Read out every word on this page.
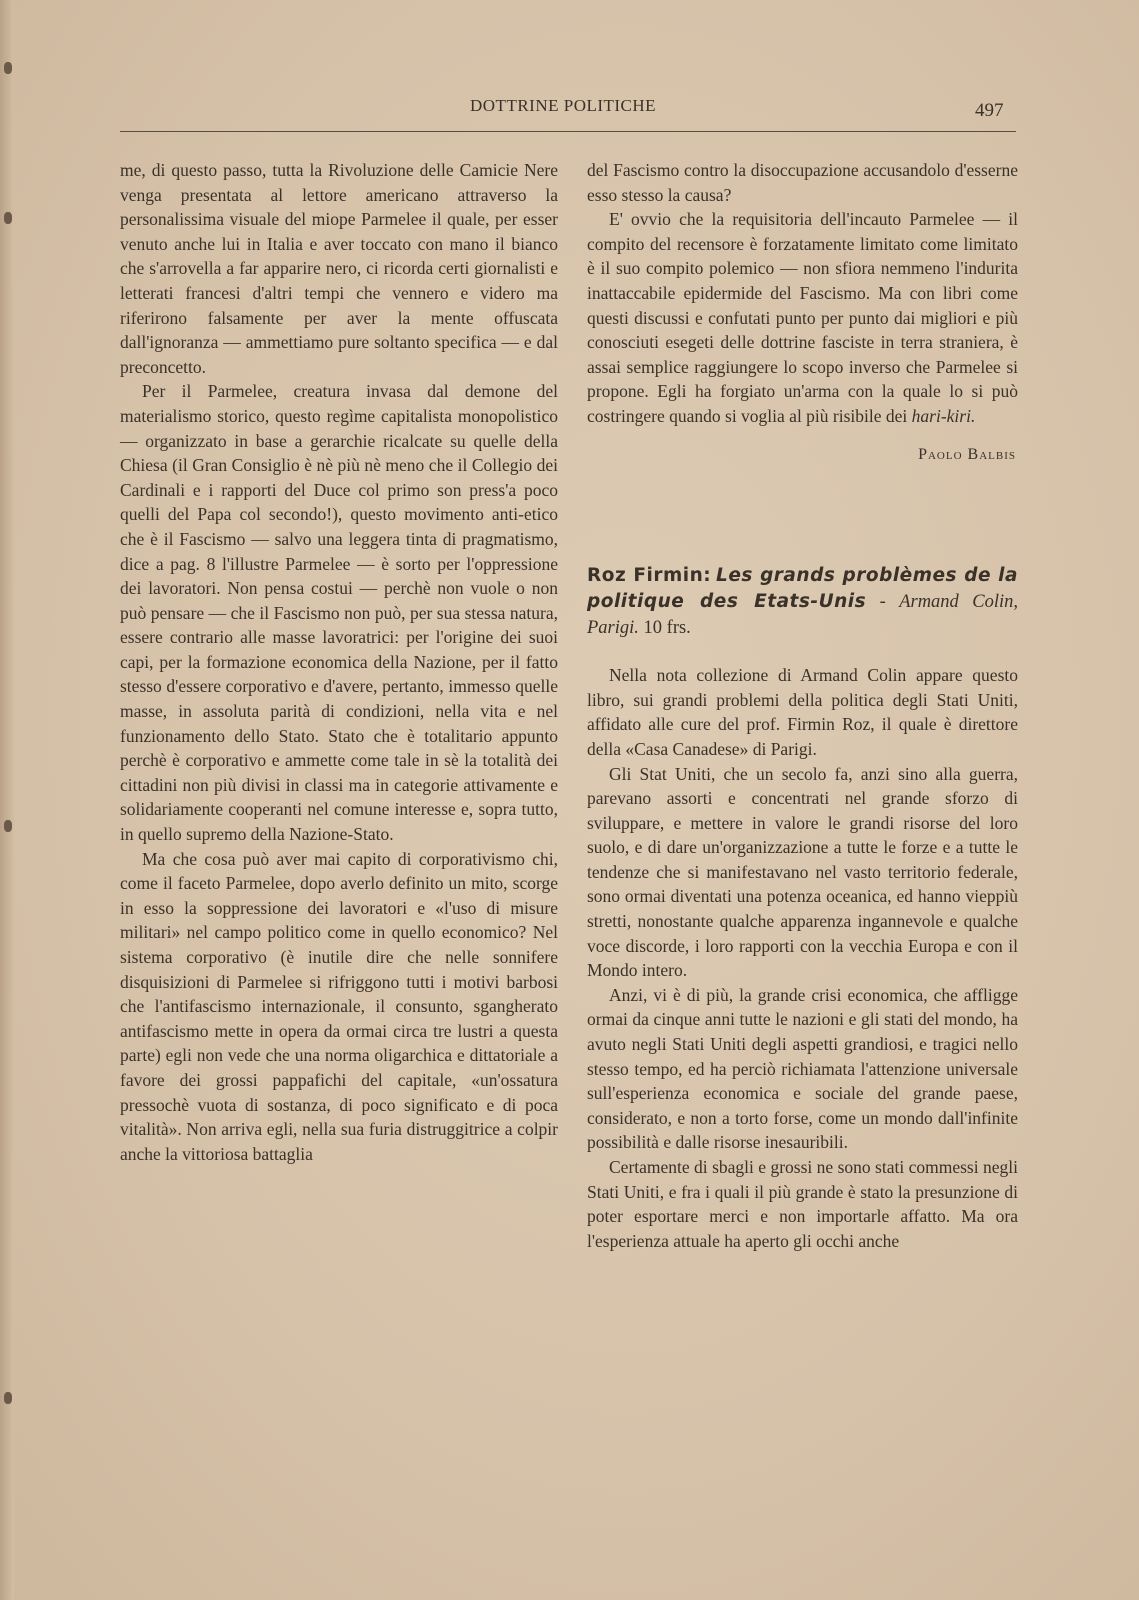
DOTTRINE POLITICHE	497

me, di questo passo, tutta la Rivoluzione delle Camicie Nere venga presentata al lettore americano attraverso la personalissima visuale del miope Parmelee il quale, per esser venuto anche lui in Italia e aver toccato con mano il bianco che s'arrovella a far apparire nero, ci ricorda certi giornalisti e letterati francesi d'altri tempi che vennero e videro ma riferirono falsamente per aver la mente offuscata dall'ignoranza — ammettiamo pure soltanto specifica — e dal preconcetto.

Per il Parmelee, creatura invasa dal demone del materialismo storico, questo regìme capitalista monopolistico — organizzato in base a gerarchie ricalcate su quelle della Chiesa (il Gran Consiglio è nè più nè meno che il Collegio dei Cardinali e i rapporti del Duce col primo son press'a poco quelli del Papa col secondo!), questo movimento anti-etico che è il Fascismo — salvo una leggera tinta di pragmatismo, dice a pag. 8 l'illustre Parmelee — è sorto per l'oppressione dei lavoratori. Non pensa costui — perchè non vuole o non può pensare — che il Fascismo non può, per sua stessa natura, essere contrario alle masse lavoratrici: per l'origine dei suoi capi, per la formazione economica della Nazione, per il fatto stesso d'essere corporativo e d'avere, pertanto, immesso quelle masse, in assoluta parità di condizioni, nella vita e nel funzionamento dello Stato. Stato che è totalitario appunto perchè è corporativo e ammette come tale in sè la totalità dei cittadini non più divisi in classi ma in categorie attivamente e solidariamente cooperanti nel comune interesse e, sopra tutto, in quello supremo della Nazione-Stato.

Ma che cosa può aver mai capito di corporativismo chi, come il faceto Parmelee, dopo averlo definito un mito, scorge in esso la soppressione dei lavoratori e «l'uso di misure militari» nel campo politico come in quello economico? Nel sistema corporativo (è inutile dire che nelle sonnifere disquisizioni di Parmelee si rifriggono tutti i motivi barbosi che l'antifascismo internazionale, il consunto, sgangherato antifascismo mette in opera da ormai circa tre lustri a questa parte) egli non vede che una norma oligarchica e dittatoriale a favore dei grossi pappafichi del capitale, «un'ossatura pressochè vuota di sostanza, di poco significato e di poca vitalità». Non arriva egli, nella sua furia distruggitrice a colpir anche la vittoriosa battaglia

del Fascismo contro la disoccupazione accusandolo d'esserne esso stesso la causa?

E' ovvio che la requisitoria dell'incauto Parmelee — il compito del recensore è forzatamente limitato come limitato è il suo compito polemico — non sfiora nemmeno l'indurita inattaccabile epidermide del Fascismo. Ma con libri come questi discussi e confutati punto per punto dai migliori e più conosciuti esegeti delle dottrine fasciste in terra straniera, è assai semplice raggiungere lo scopo inverso che Parmelee si propone. Egli ha forgiato un'arma con la quale lo si può costringere quando si voglia al più risibile dei hari-kiri.

Paolo Balbis

Roz Firmin: Les grands problèmes de la politique des Etats-Unis - Armand Colin, Parigi. 10 frs.

Nella nota collezione di Armand Colin appare questo libro, sui grandi problemi della politica degli Stati Uniti, affidato alle cure del prof. Firmin Roz, il quale è direttore della «Casa Canadese» di Parigi.

Gli Stat Uniti, che un secolo fa, anzi sino alla guerra, parevano assorti e concentrati nel grande sforzo di sviluppare, e mettere in valore le grandi risorse del loro suolo, e di dare un'organizzazione a tutte le forze e a tutte le tendenze che si manifestavano nel vasto territorio federale, sono ormai diventati una potenza oceanica, ed hanno vieppiù stretti, nonostante qualche apparenza ingannevole e qualche voce discorde, i loro rapporti con la vecchia Europa e con il Mondo intero.

Anzi, vi è di più, la grande crisi economica, che affligge ormai da cinque anni tutte le nazioni e gli stati del mondo, ha avuto negli Stati Uniti degli aspetti grandiosi, e tragici nello stesso tempo, ed ha perciò richiamata l'attenzione universale sull'esperienza economica e sociale del grande paese, considerato, e non a torto forse, come un mondo dall'infinite possibilità e dalle risorse inesauribili.

Certamente di sbagli e grossi ne sono stati commessi negli Stati Uniti, e fra i quali il più grande è stato la presunzione di poter esportare merci e non importarle affatto. Ma ora l'esperienza attuale ha aperto gli occhi anche
